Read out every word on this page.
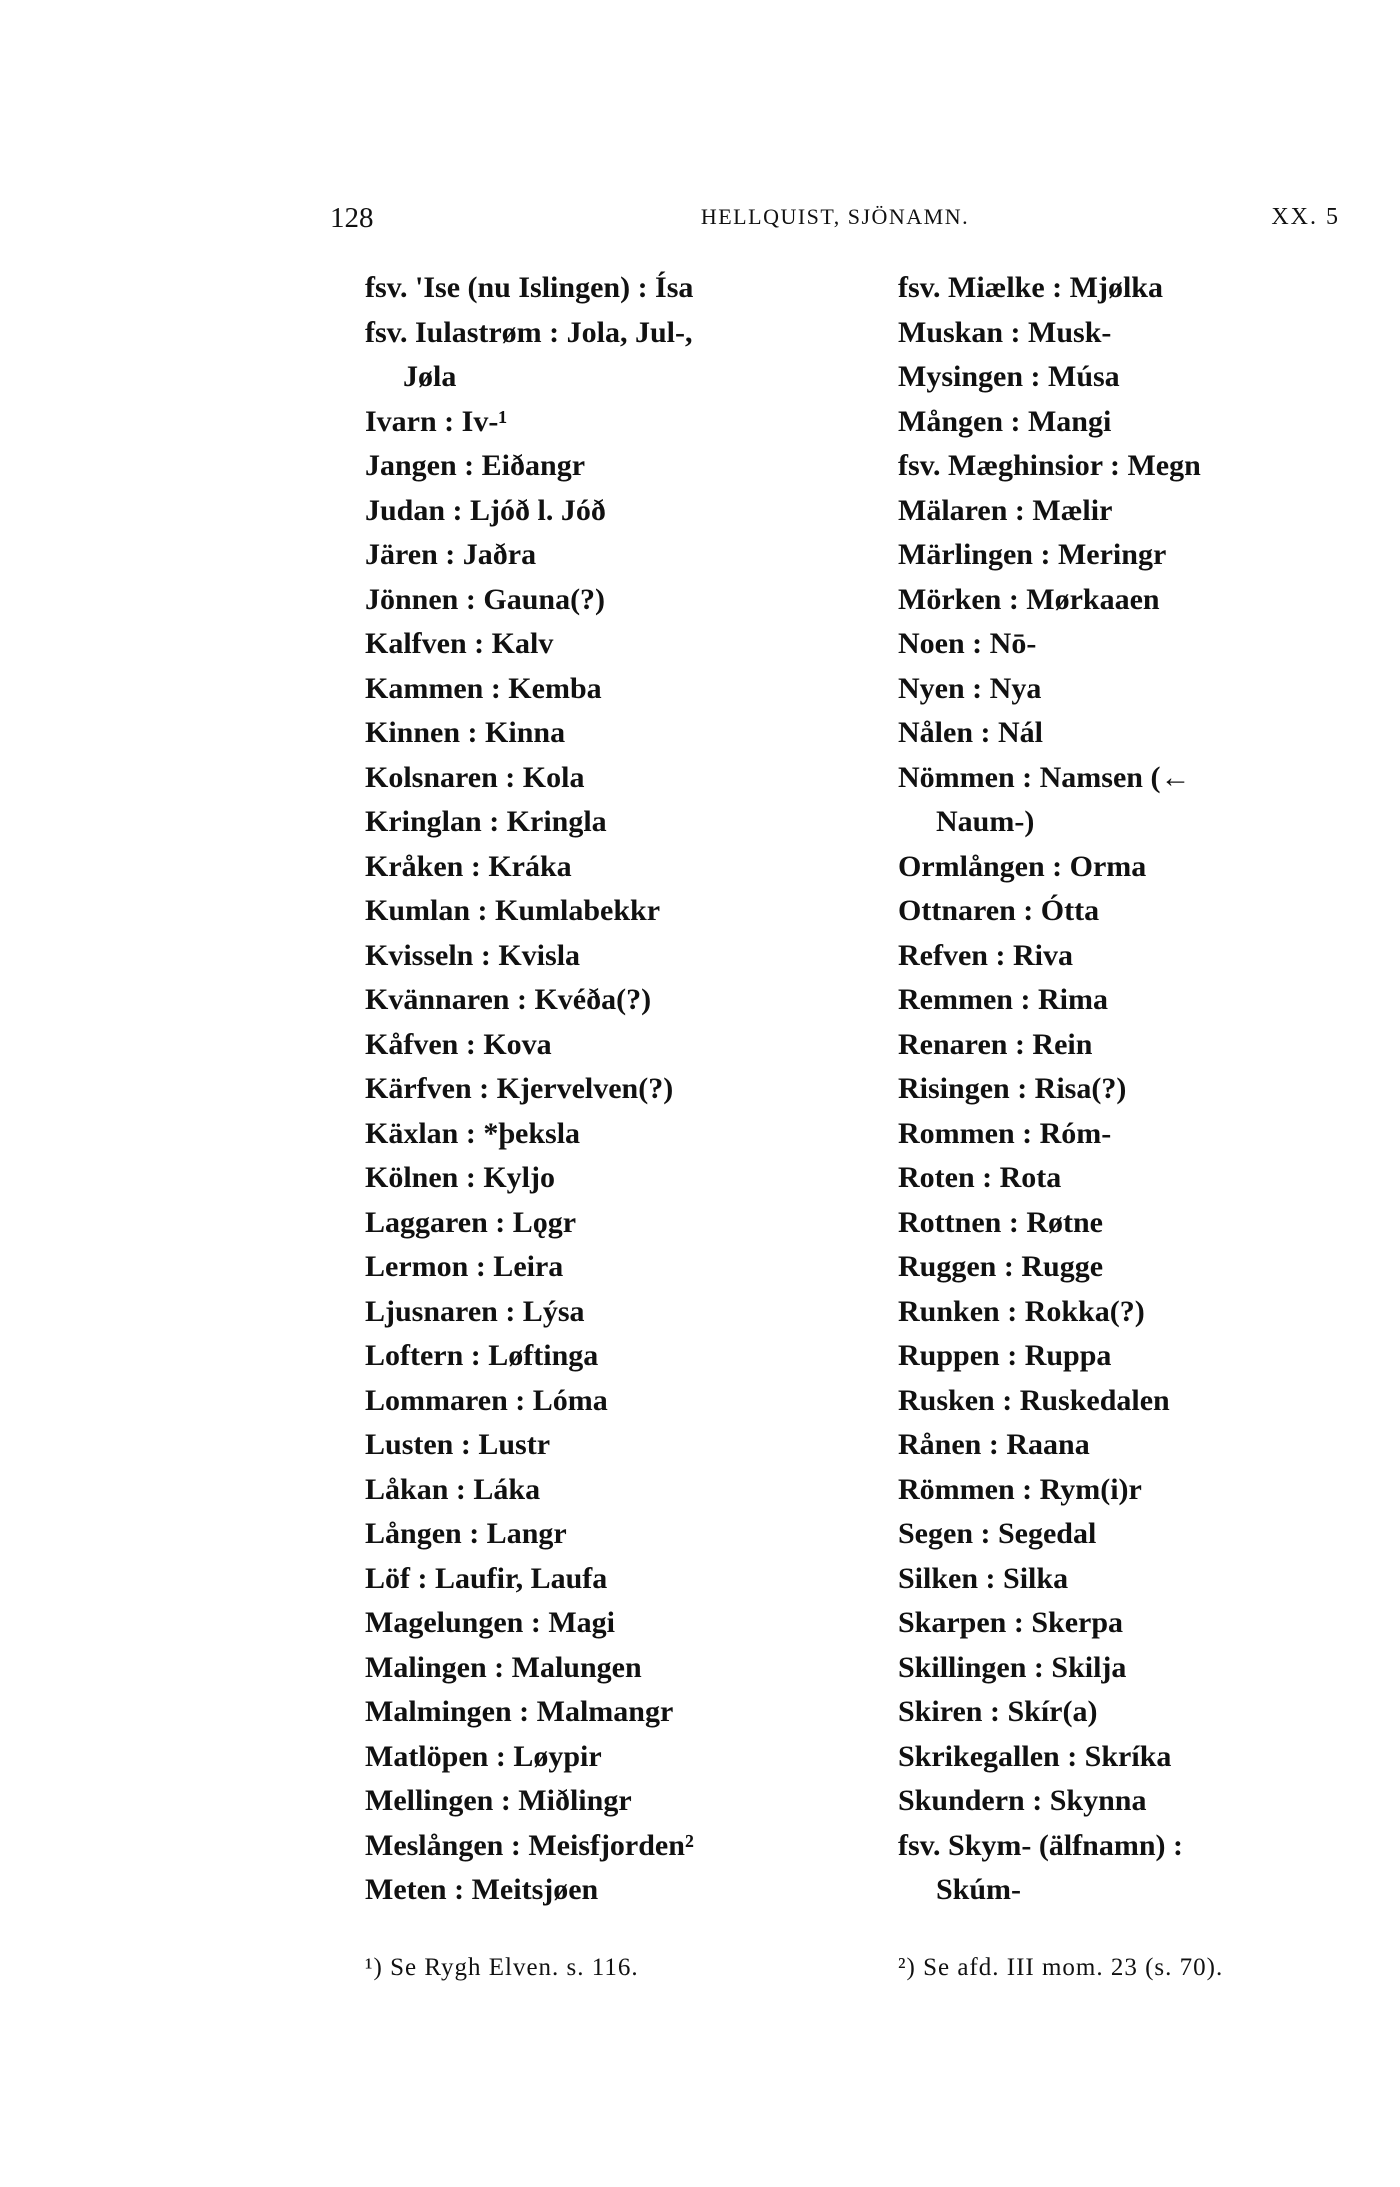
128	HELLQUIST, SJÖNAMN.	XX. 5
fsv. 'Ise (nu Islingen) : Ísa
fsv. Iulastrøm : Jola, Jul-,
Jøla
Ivarn : Iv-¹
Jangen : Eiðangr
Judan : Ljóð l. Jóð
Jären : Jaðra
Jönnen : Gauna(?)
Kalfven : Kalv
Kammen : Kemba
Kinnen : Kinna
Kolsnaren : Kola
Kringlan : Kringla
Kråken : Kráka
Kumlan : Kumlabekkr
Kvisseln : Kvisla
Kvännaren : Kvéða(?)
Kåfven : Kova
Kärfven : Kjervelven(?)
Käxlan : *þeksla
Kölnen : Kyljo
Laggaren : Lǫgr
Lermon : Leira
Ljusnaren : Lýsa
Loftern : Løftinga
Lommaren : Lóma
Lusten : Lustr
Låkan : Láka
Lången : Langr
Löf : Laufir, Laufa
Magelungen : Magi
Malingen : Malungen
Malmingen : Malmangr
Matlöpen : Løypir
Mellingen : Miðlingr
Meslången : Meisfjorden²
Meten : Meitsjøen
fsv. Miælke : Mjølka
Muskan : Musk-
Mysingen : Músa
Mången : Mangi
fsv. Mæghinsior : Megn
Mälaren : Mælir
Märlingen : Meringr
Mörken : Mørkaaen
Noen : Nō-
Nyen : Nya
Nålen : Nál
Nömmen : Namsen (←
Naum-)
Ormlången : Orma
Ottnaren : Ótta
Refven : Riva
Remmen : Rima
Renaren : Rein
Risingen : Risa(?)
Rommen : Róm-
Roten : Rota
Rottnen : Røtne
Ruggen : Rugge
Runken : Rokka(?)
Ruppen : Ruppa
Rusken : Ruskedalen
Rånen : Raana
Römmen : Rym(i)r
Segen : Segedal
Silken : Silka
Skarpen : Skerpa
Skillingen : Skilja
Skiren : Skír(a)
Skrikegallen : Skríka
Skundern : Skynna
fsv. Skym- (älfnamn) :
Skúm-
¹) Se Rygh Elven. s. 116.	²) Se afd. III mom. 23 (s. 70).
